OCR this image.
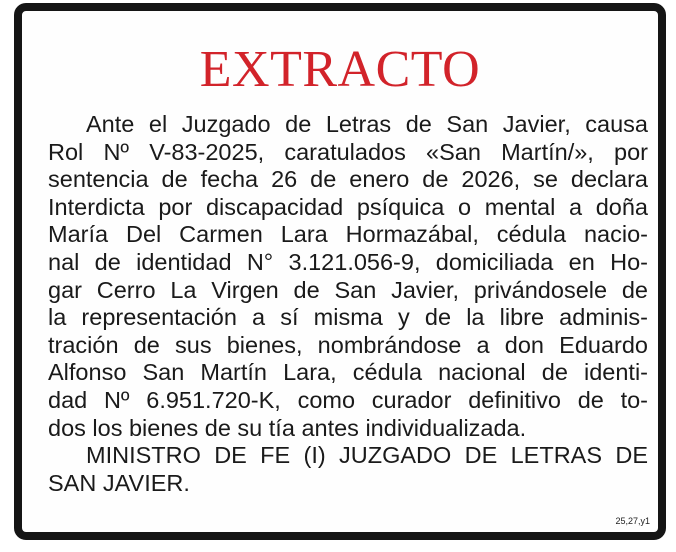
EXTRACTO
Ante el Juzgado de Letras de San Javier, causa
Rol Nº V-83-2025, caratulados «San Martín/», por
sentencia de fecha 26 de enero de 2026, se declara
Interdicta por discapacidad psíquica o mental a doña
María Del Carmen Lara Hormazábal, cédula nacio-
nal de identidad N° 3.121.056-9, domiciliada en Ho-
gar Cerro La Virgen de San Javier, privándosele de
la representación a sí misma y de la libre adminis-
tración de sus bienes, nombrándose a don Eduardo
Alfonso San Martín Lara, cédula nacional de identi-
dad Nº 6.951.720-K, como curador definitivo de to-
dos los bienes de su tía antes individualizada.
MINISTRO DE FE (I) JUZGADO DE LETRAS DE
SAN JAVIER.
25,27,y1
